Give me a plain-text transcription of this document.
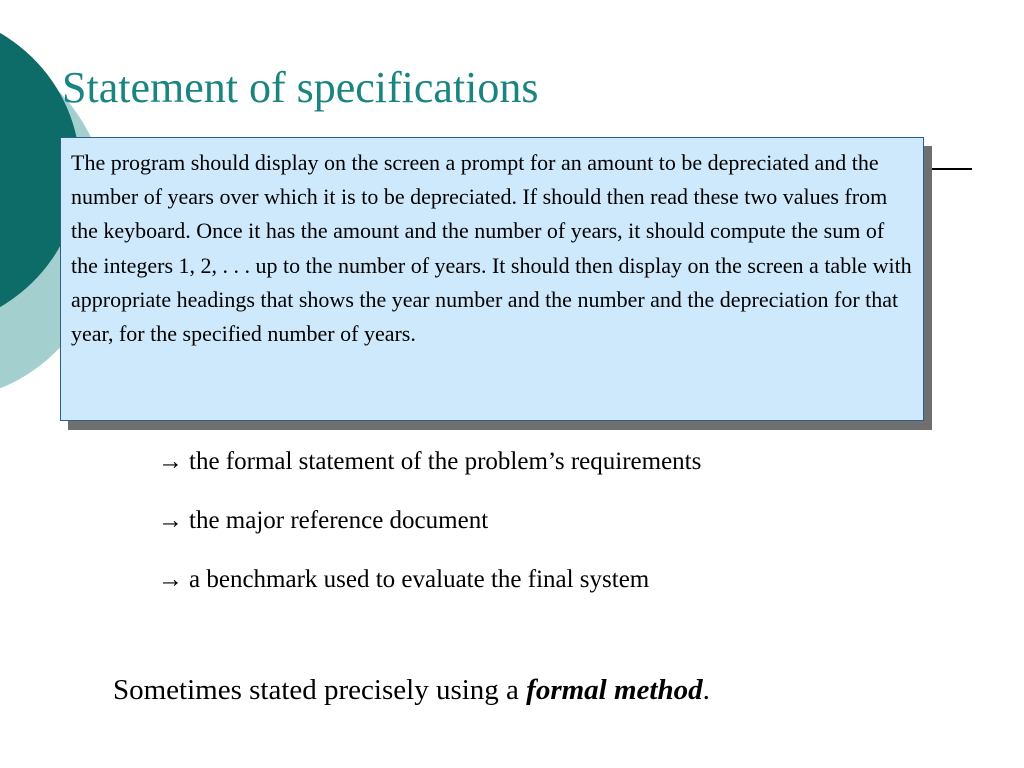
Statement of specifications
The program should display on the screen a prompt for an amount to be depreciated and the number of years over which it is to be depreciated. If should then read these two values from the keyboard. Once it has the amount and the number of years, it should compute the sum of the integers 1, 2, . . . up to the number of years. It should then display on the screen a table with appropriate headings that shows the year number and the number and the depreciation for that year, for the specified number of years.
→ the formal statement of the problem’s requirements
→ the major reference document
→ a benchmark used to evaluate the final system
Sometimes stated precisely using a formal method.
